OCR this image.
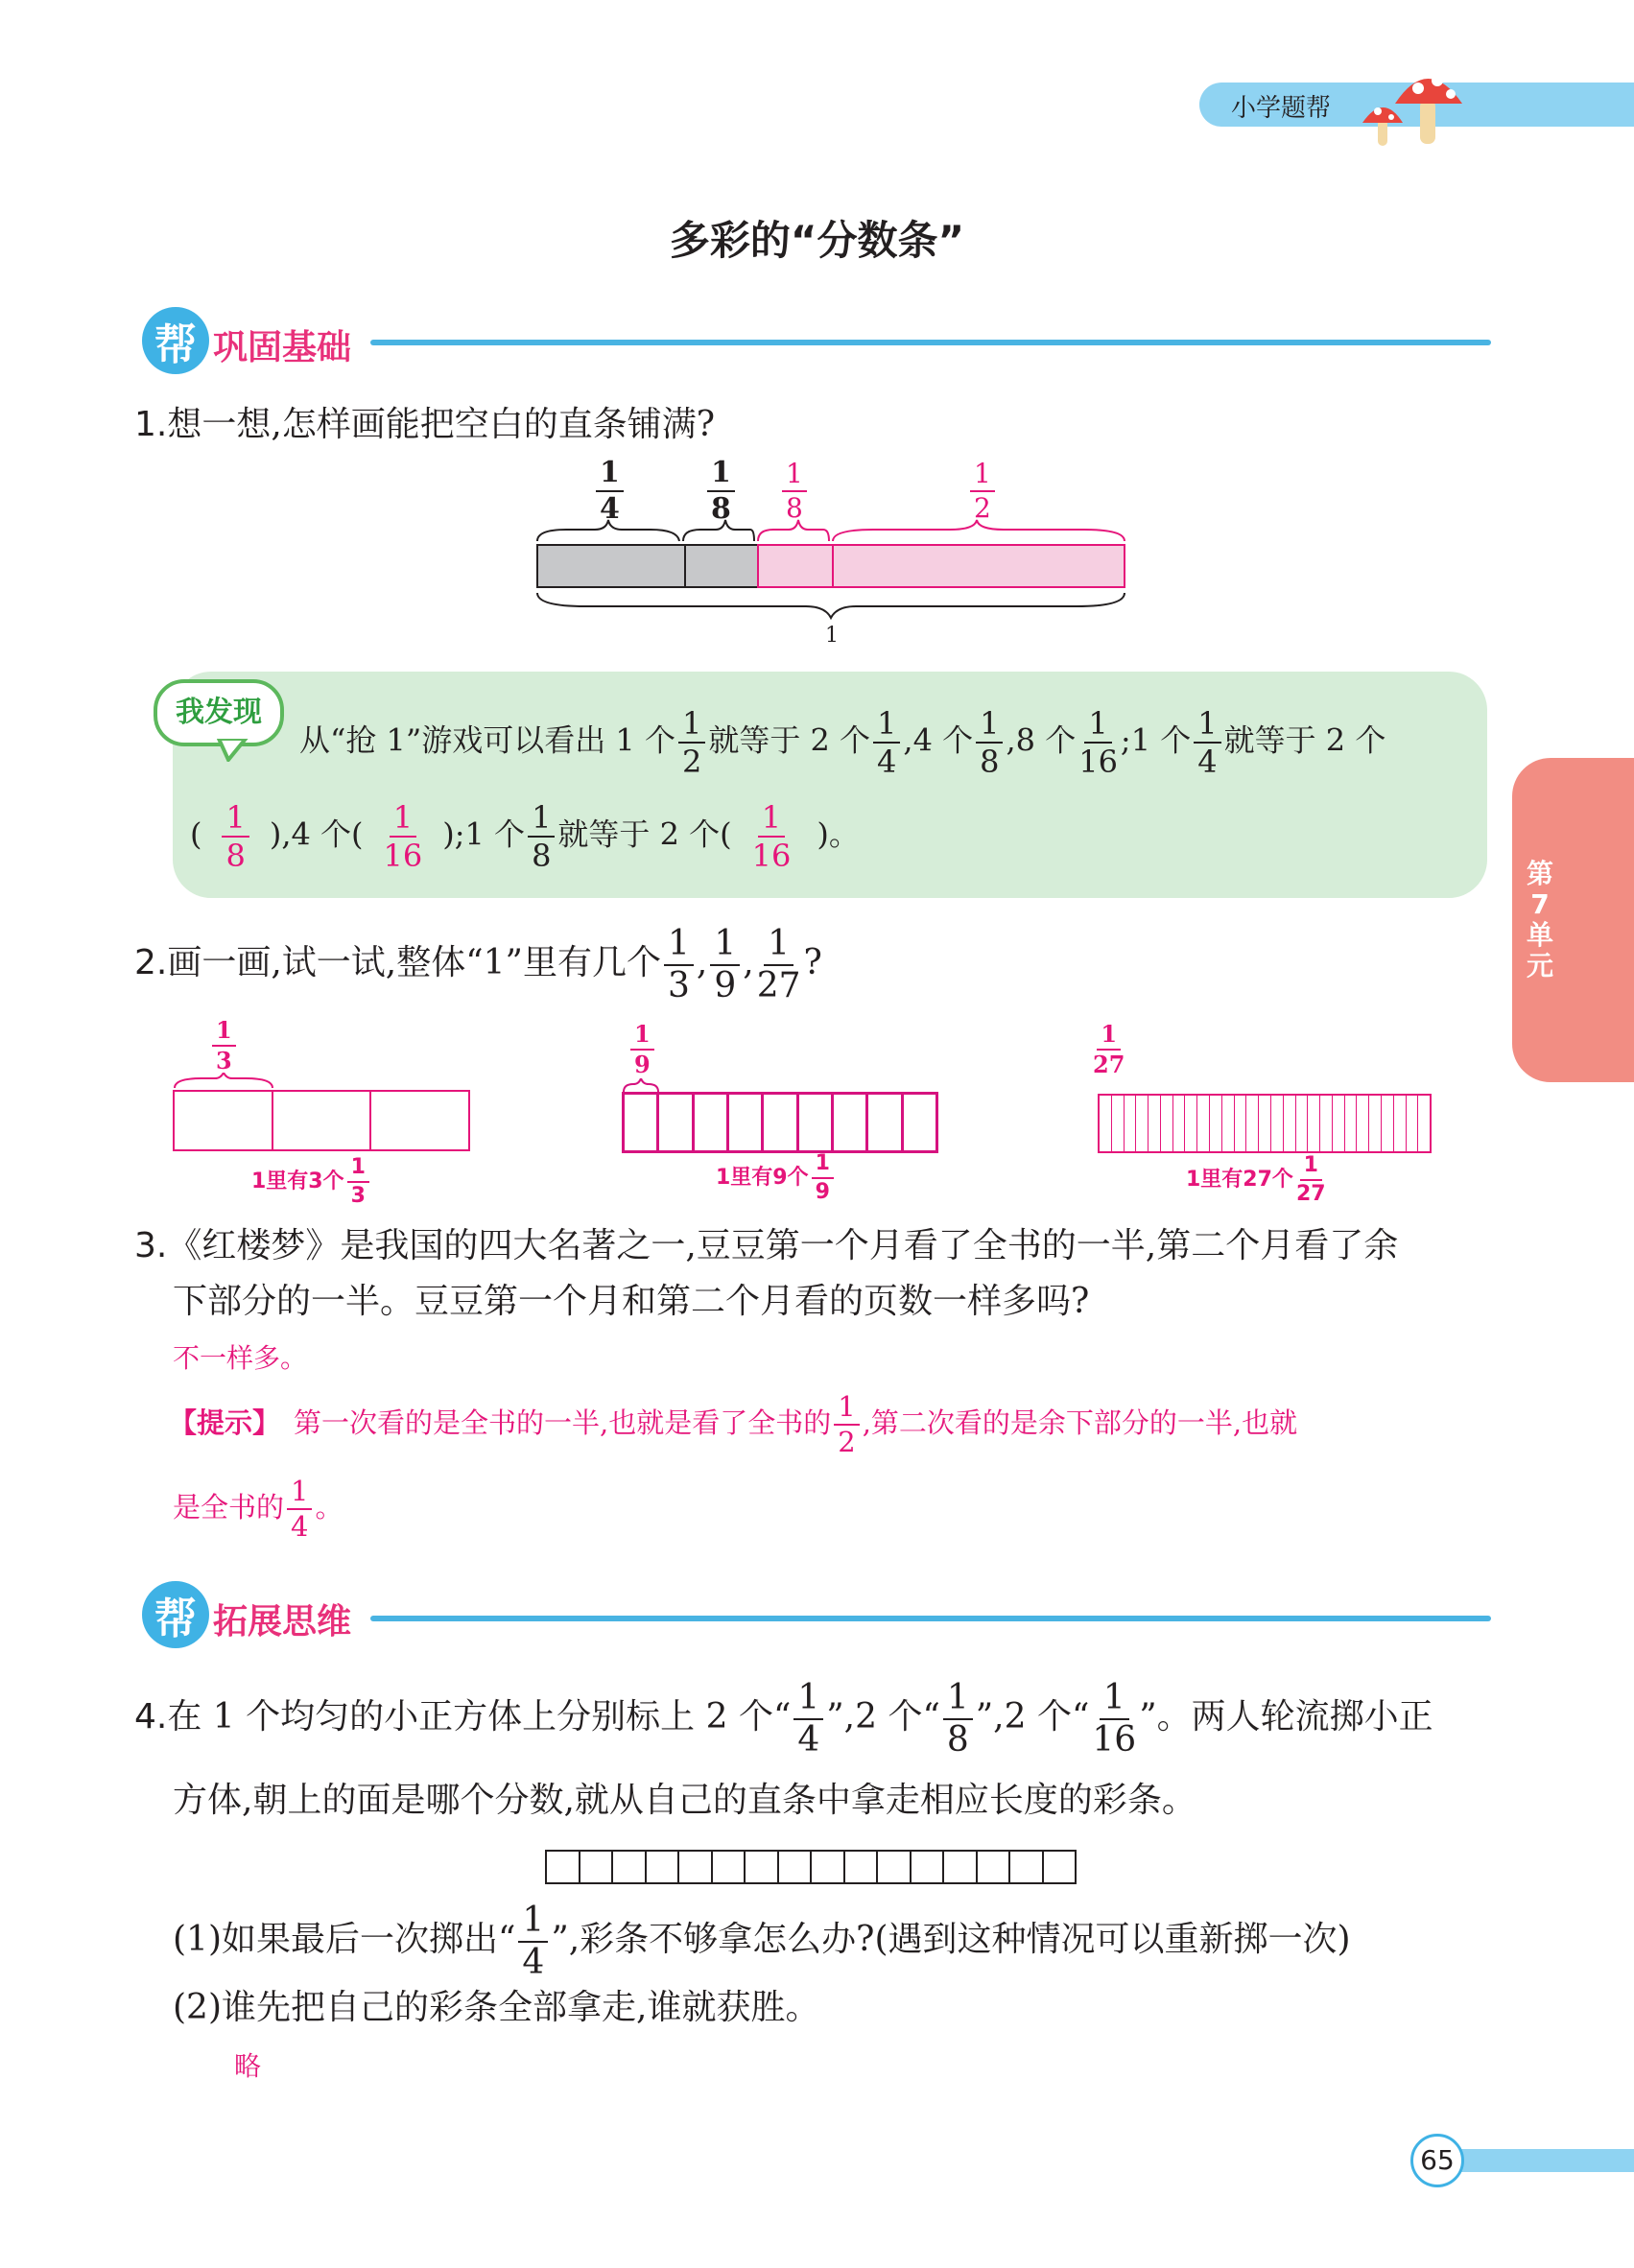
小学题帮
第
7
单
元
多彩的“分数条”
帮 巩固基础
1.想一想,怎样画能把空白的直条铺满?
$\frac{1}{4}$	$\frac{1}{8} \frac{1}{8}$	$\frac{1}{2}$
1
我发现
从“抢 1”游戏可以看出 1 个 $\frac{1}{2}$ 就等于 2 个 $\frac{1}{4} ,4$ 个 $\frac{1}{8} ,8$ 个 $\frac{1}{16}$ ;1 个 $\frac{1}{4}$ 就等于 2 个
( $\frac{1}{8} ),4$ 个( $\frac{1}{16}$ );1 个 $\frac{1}{8}$ 就等于 2 个( $\frac{1}{16}$ )。
2.画一画,试一试,整体“1”里有几个 $\frac{1}{3}$ , $\frac{1}{9}$ , $\frac{1}{27}$ ?
$\frac{1}{3}$
1里有3个 $\frac{1}{3}$
$\frac{1}{9}$
1里有9个 $\frac{1}{9}$
$\frac{1}{27}$
1里有27个 $\frac{1}{27}$
3.《红楼梦》是我国的四大名著之一,豆豆第一个月看了全书的一半,第二个月看了余
下部分的一半。豆豆第一个月和第二个月看的页数一样多吗?
不一样多。
【提示】 第一次看的是全书的一半,也就是看了全书的 $\frac{1}{2}$ ,第二次看的是余下部分的一半,也就
是全书的 $\frac{1}{4}$ 。
帮 拓展思维
4.在 1 个均匀的小正方体上分别标上 2 个“ $\frac{1}{4}$ ”,2 个“ $\frac{1}{8}$ ”,2 个“ $\frac{1}{16}$ ”。两人轮流掷小正
方体,朝上的面是哪个分数,就从自己的直条中拿走相应长度的彩条。
(1)如果最后一次掷出“ $\frac{1}{4}$ ”,彩条不够拿怎么办?(遇到这种情况可以重新掷一次)
(2)谁先把自己的彩条全部拿走,谁就获胜。
略
65
